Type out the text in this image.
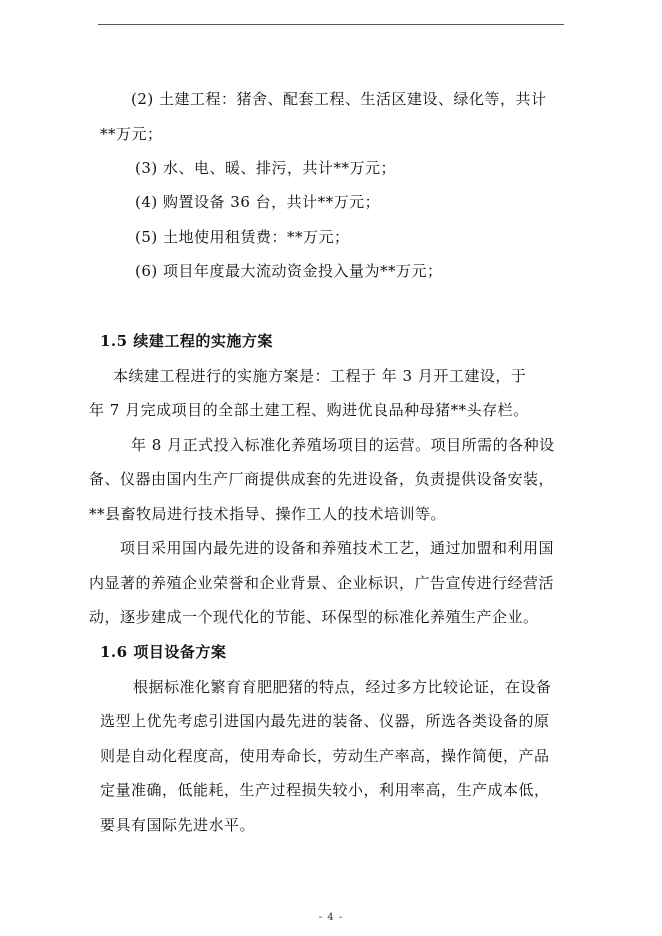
(2) 土建工程：猪舍、配套工程、生活区建设、绿化等，共计
**万元；
(3) 水、电、暖、排污，共计**万元；
(4) 购置设备 36 台，共计**万元；
(5) 土地使用租赁费：**万元；
(6) 项目年度最大流动资金投入量为**万元；
1.5 续建工程的实施方案
本续建工程进行的实施方案是：工程于 年 3 月开工建设，于
年 7 月完成项目的全部土建工程、购进优良品种母猪**头存栏。
年 8 月正式投入标准化养殖场项目的运营。项目所需的各种设
备、仪器由国内生产厂商提供成套的先进设备，负责提供设备安装，
**县畜牧局进行技术指导、操作工人的技术培训等。
项目采用国内最先进的设备和养殖技术工艺，通过加盟和利用国
内显著的养殖企业荣誉和企业背景、企业标识，广告宣传进行经营活
动，逐步建成一个现代化的节能、环保型的标准化养殖生产企业。
1.6 项目设备方案
根据标准化繁育育肥肥猪的特点，经过多方比较论证，在设备
选型上优先考虑引进国内最先进的装备、仪器，所选各类设备的原
则是自动化程度高，使用寿命长，劳动生产率高，操作简便，产品
定量准确，低能耗，生产过程损失较小，利用率高，生产成本低，
要具有国际先进水平。
- 4 -
